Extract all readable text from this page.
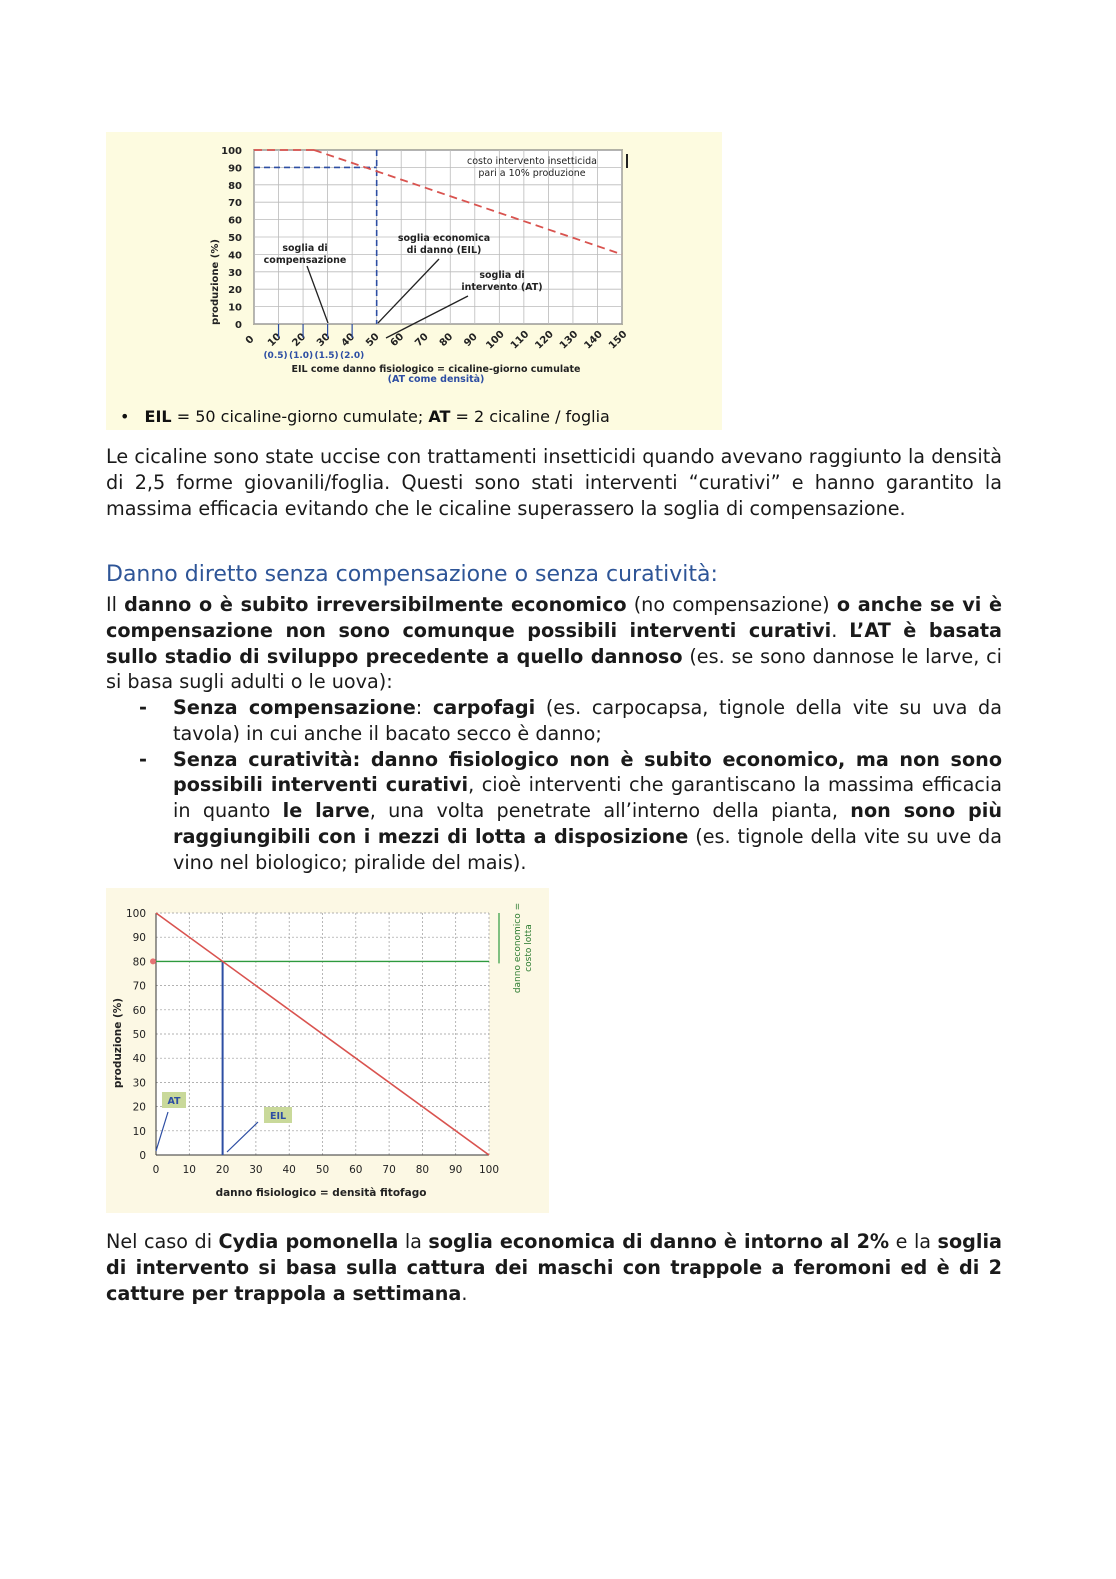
0 10 20 30 40 50 60 70 80 90 100 110 120 130 140 150
100
90
80
70
60
50
40
30
20
10
0
(0.5) (1.0) (1.5) (2.0)
produzione (%)
costo intervento insetticida
pari a 10% produzione
soglia di
compensazione
soglia economica
di danno (EIL)
soglia di
intervento (AT)
EIL come danno fisiologico = cicaline-giorno cumulate
(AT come densità)
• EIL = 50 cicaline-giorno cumulate; AT = 2 cicaline / foglia
Le cicaline sono state uccise con trattamenti insetticidi quando avevano raggiunto la densità di 2,5 forme giovanili/foglia. Questi sono stati interventi “curativi” e hanno garantito la massima efficacia evitando che le cicaline superassero la soglia di compensazione.
Danno diretto senza compensazione o senza curatività:
Il danno o è subito irreversibilmente economico (no compensazione) o anche se vi è compensazione non sono comunque possibili interventi curativi. L’AT è basata sullo stadio di sviluppo precedente a quello dannoso (es. se sono dannose le larve, ci si basa sugli adulti o le uova):
- Senza compensazione: carpofagi (es. carpocapsa, tignole della vite su uva da tavola) in cui anche il bacato secco è danno;
- Senza curatività: danno fisiologico non è subito economico, ma non sono possibili interventi curativi, cioè interventi che garantiscano la massima efficacia in quanto le larve, una volta penetrate all’interno della pianta, non sono più raggiungibili con i mezzi di lotta a disposizione (es. tignole della vite su uve da vino nel biologico; piralide del mais).
0 10 20 30 40 50 60 70 80 90 100
100
90
80
70
60
50
40
30
20
10
0
produzione (%)
danno fisiologico = densità fitofago
danno economico = costo lotta
AT
EIL
Nel caso di Cydia pomonella la soglia economica di danno è intorno al 2% e la soglia di intervento si basa sulla cattura dei maschi con trappole a feromoni ed è di 2 catture per trappola a settimana.
